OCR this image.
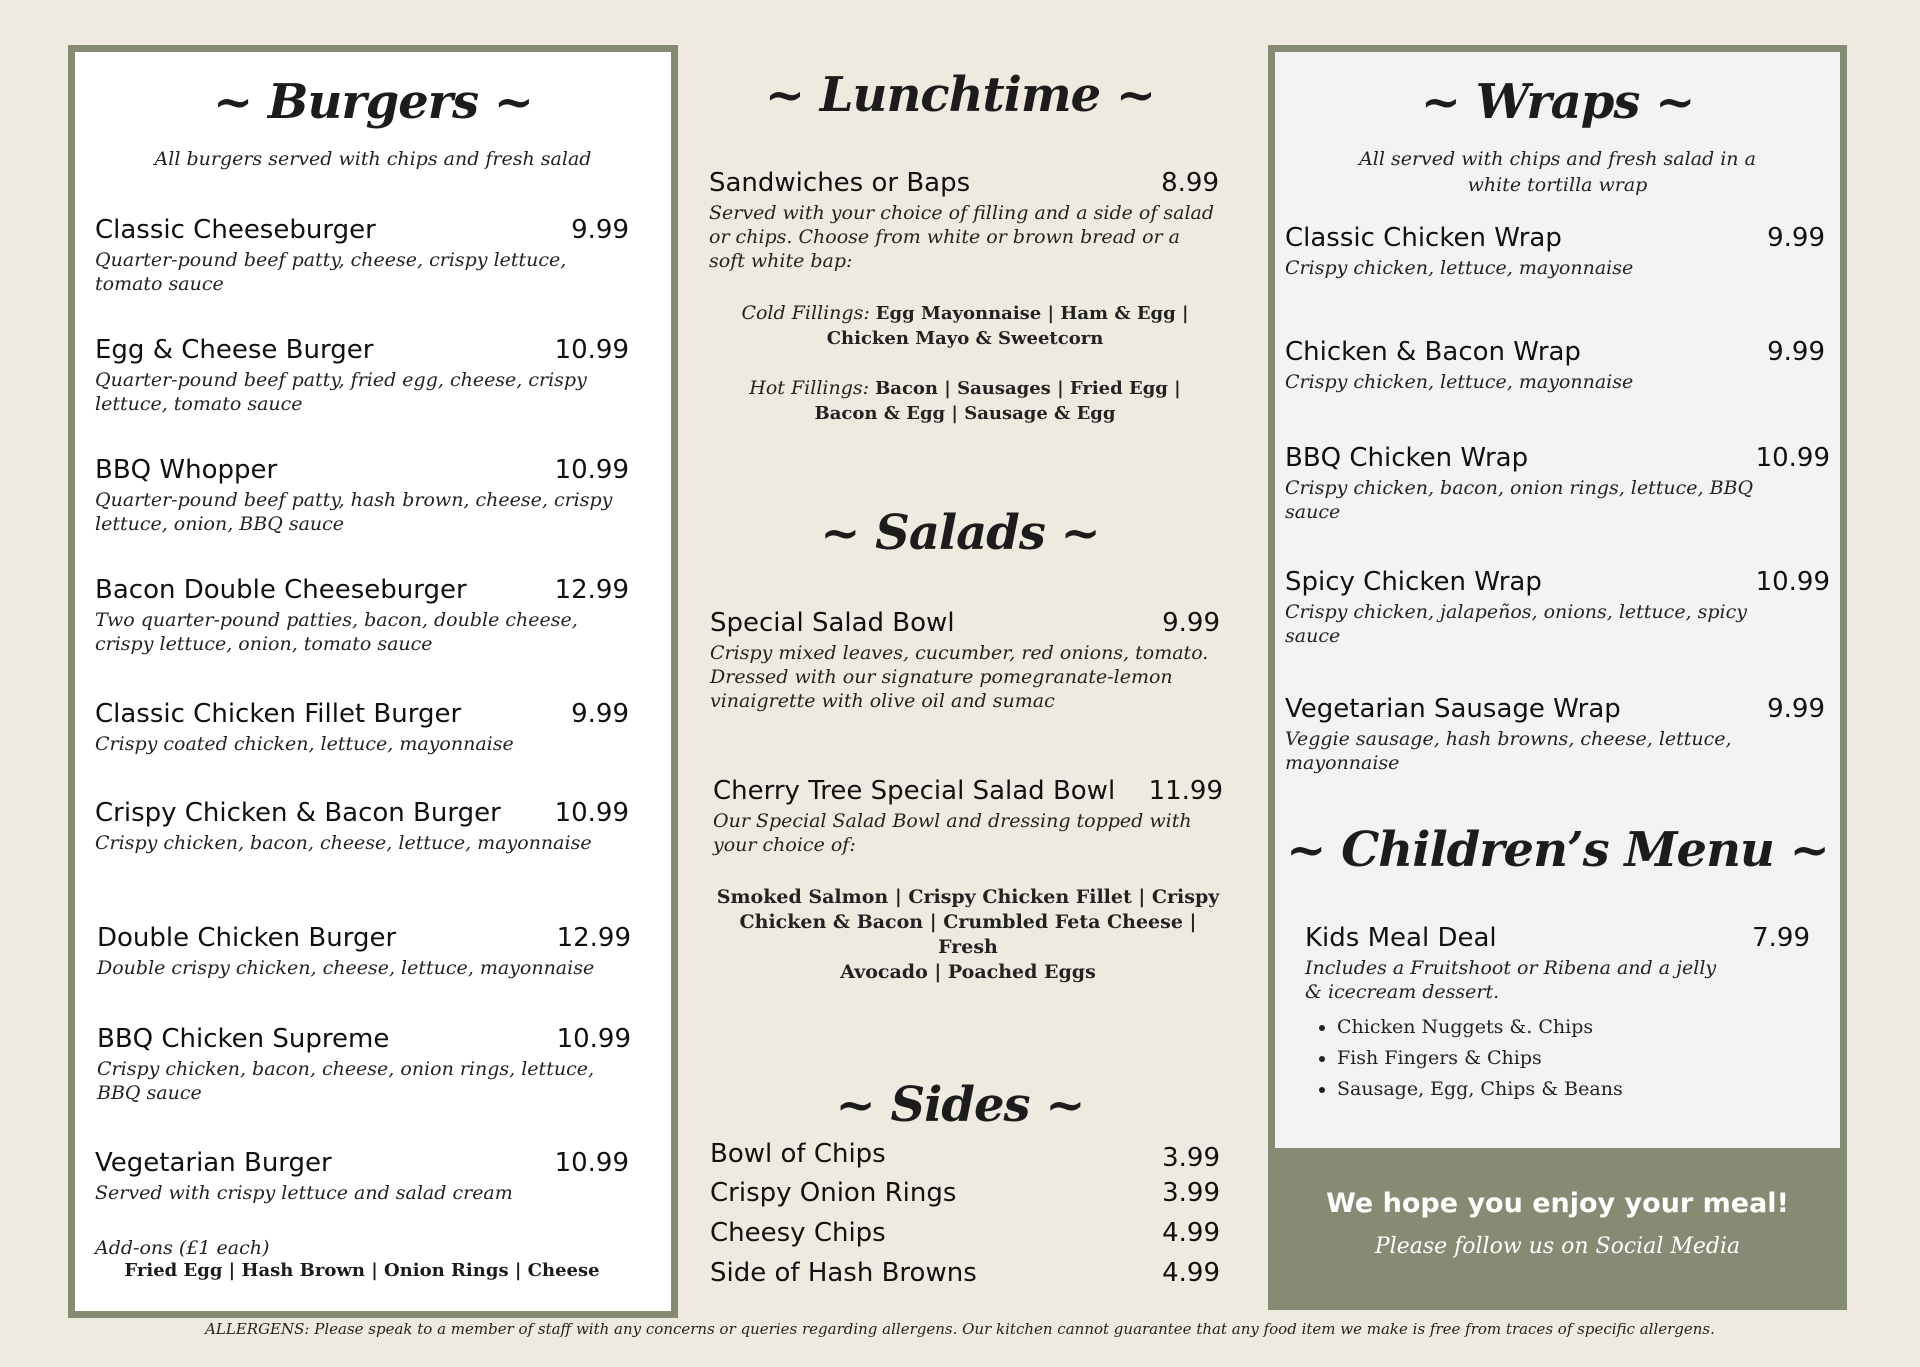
~ Burgers ~
All burgers served with chips and fresh salad
Classic Cheeseburger	9.99
Quarter-pound beef patty, cheese, crispy lettuce, tomato sauce
Egg & Cheese Burger	10.99
Quarter-pound beef patty, fried egg, cheese, crispy lettuce, tomato sauce
BBQ Whopper	10.99
Quarter-pound beef patty, hash brown, cheese, crispy lettuce, onion, BBQ sauce
Bacon Double Cheeseburger	12.99
Two quarter-pound patties, bacon, double cheese, crispy lettuce, onion, tomato sauce
Classic Chicken Fillet Burger	9.99
Crispy coated chicken, lettuce, mayonnaise
Crispy Chicken & Bacon Burger	10.99
Crispy chicken, bacon, cheese, lettuce, mayonnaise
Double Chicken Burger	12.99
Double crispy chicken, cheese, lettuce, mayonnaise
BBQ Chicken Supreme	10.99
Crispy chicken, bacon, cheese, onion rings, lettuce, BBQ sauce
Vegetarian Burger	10.99
Served with crispy lettuce and salad cream
Add-ons (£1 each)
Fried Egg | Hash Brown | Onion Rings | Cheese
~ Lunchtime ~
Sandwiches or Baps	8.99
Served with your choice of filling and a side of salad or chips. Choose from white or brown bread or a soft white bap:
Cold Fillings: Egg Mayonnaise | Ham & Egg |
Chicken Mayo & Sweetcorn
Hot Fillings: Bacon | Sausages | Fried Egg |
Bacon & Egg | Sausage & Egg
~ Salads ~
Special Salad Bowl	9.99
Crispy mixed leaves, cucumber, red onions, tomato. Dressed with our signature pomegranate-lemon vinaigrette with olive oil and sumac
Cherry Tree Special Salad Bowl	11.99
Our Special Salad Bowl and dressing topped with your choice of:
Smoked Salmon | Crispy Chicken Fillet | Crispy
Chicken & Bacon | Crumbled Feta Cheese | Fresh
Avocado | Poached Eggs
~ Sides ~
Bowl of Chips	3.99
Crispy Onion Rings	3.99
Cheesy Chips	4.99
Side of Hash Browns	4.99
~ Wraps ~
All served with chips and fresh salad in a
white tortilla wrap
Classic Chicken Wrap	9.99
Crispy chicken, lettuce, mayonnaise
Chicken & Bacon Wrap	9.99
Crispy chicken, lettuce, mayonnaise
BBQ Chicken Wrap	10.99
Crispy chicken, bacon, onion rings, lettuce, BBQ sauce
Spicy Chicken Wrap	10.99
Crispy chicken, jalapeños, onions, lettuce, spicy sauce
Vegetarian Sausage Wrap	9.99
Veggie sausage, hash browns, cheese, lettuce, mayonnaise
~ Children’s Menu ~
Kids Meal Deal	7.99
Includes a Fruitshoot or Ribena and a jelly & icecream dessert.
• Chicken Nuggets &. Chips
• Fish Fingers & Chips
• Sausage, Egg, Chips & Beans
We hope you enjoy your meal!
Please follow us on Social Media
ALLERGENS: Please speak to a member of staff with any concerns or queries regarding allergens. Our kitchen cannot guarantee that any food item we make is free from traces of specific allergens.
